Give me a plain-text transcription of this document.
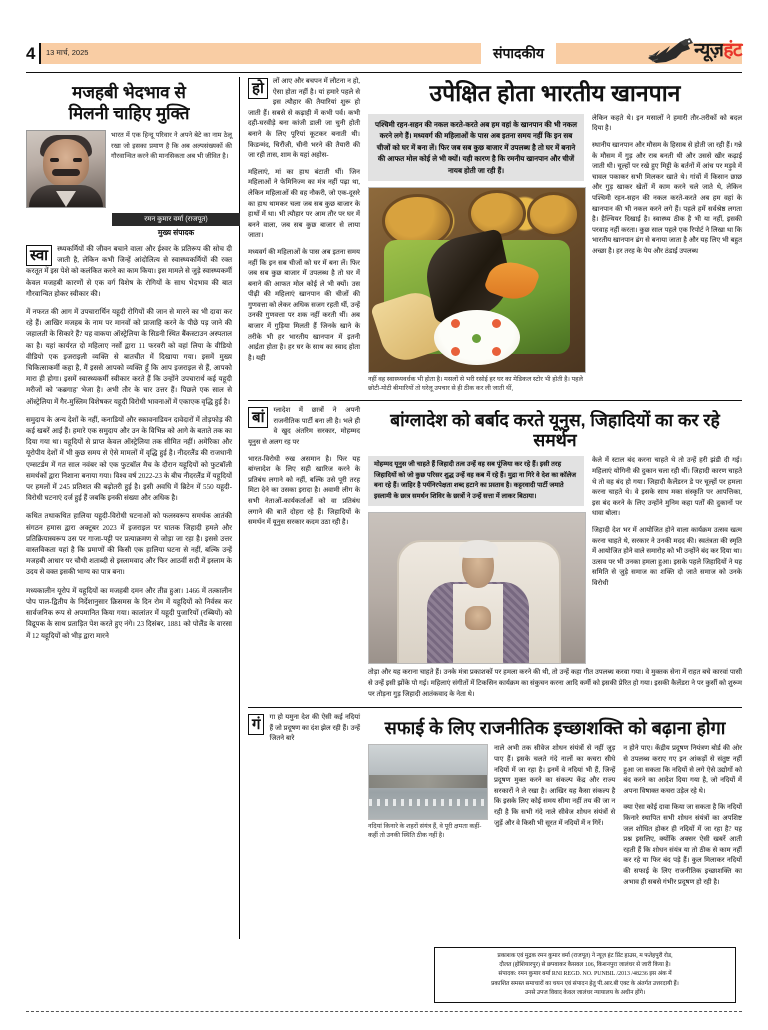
4	13 मार्च, 2025	संपादकीय	न्यूज़हंट
मजहबी भेदभाव से
मिलनी चाहिए मुक्ति
भारत में एक हिन्दू परिवार ने अपने बेटे का नाम ठेलू रखा जो इसका प्रमाण है कि अब अल्पसंख्यकों की गौरवान्वित करने की मानसिकता अब भी जीवित है।
रमन कुमार वर्मा (राजपूत)
मुख्य संपादक

स्वा	स्थ्यकर्मियों की जीवन बचाने वाला और ईश्वर के प्रतिरूप की सोच दी जाती है, लेकिन कभी जिन्हें आंदोलित्य से स्वास्थ्यकर्मियों की रक्त करतूत में इस पेशे को कलंकित करने का काम किया। इस मामले से जुड़े स्वास्थ्यकर्मी केवल मजहबी कारणों से एक वर्ग विशेष के रोगियों के साथ भेदभाव की बात गौरवान्वित होकर स्वीकार की।

में नफरत की आग में उपचारार्थिन यहूदी रोगियों की जान से मारने का भी दावा कर रहे हैं। आखिर मजहब के नाम पर मानवों को प्राजाहि करने के पीछे पड़ जाने की जहालती के सिकारे हैं? यह वाकया ऑस्ट्रेलिया के सिडनी स्थित बैंकस्टाउन अस्पताल का है। यहां कार्यरत दो महिलाए नर्सों द्वारा 11 फरवरी को वहां लिया के वीडियो वीडियो एक इजराइली व्यक्ति से बातचीत में दिखाया गया। इसमें मुख्य चिकित्साकर्मी कहा है, मैं इससे आपको व्यक्ति हूँ कि आप इजराइल से हैं, आपको मारा ही होगा। इसमें स्वास्थ्यकर्मी स्वीकार करते हैं कि उन्होंने उपचारार्थ कई यहूदी मरीजों को 'कब्रगाह' भेजा है। अभी तौर के चार उत्तर हैं। पिछले एक साल से ऑस्ट्रेलिया में गैर-मुस्लिम विशेषकर यहूदी विरोधी भावनाओं में एकाएक वृद्धि हुई है।

समुदाय के अन्य देशों के नहीं, कनाडियों और स्कावनाडियन दावेदारों में तोड़फोड़ की कई खबरें आईं हैं। हमारे एक समुदाय और उन के विभिन्न को आगे के बताते तक का दिया गया था। यहूदियों से प्राप्त केवल ऑस्ट्रेलिया तक सीमित नहीं। अमेरिका और यूरोपीय देशों में भी कुछ समय से ऐसे मामलों में वृद्धि हुई है। नीदरलैंड की राजधानी एम्सटर्डम में गत साल नवंबर को एक फुटबॉल मैच के दौरान यहूदियों को फुटबॉली समर्थकों द्वारा निशाना बनाया गया। विश्व वर्ष 2022-23 के बीच नीदरलैंड में यहूदियों पर हमलों में 245 प्रतिशत की बढ़ोतरी हुई है। इसी अवधि में ब्रिटेन में 550 यहूदी-विरोधी घटनाएं दर्ज हुई हैं जबकि इनकी संख्या और अधिक है।

कथित तथाकथित हालिया यहूदी-विरोधी घटनाओं को फलस्वरूप समर्थक आतंकी संगठन हमास द्वारा अक्टूबर 2023 में इजराइल पर घातक जिहादी हमले और प्रतिक्रियास्वरूप उस पर गाजा-पट्टी पर प्रत्याक्रमण से जोड़ा जा रहा है। इससे उत्तर वास्तविकता यहां है कि प्रमाणों की किसी एक हालिया घटना से नहीं, बल्कि उन्हें मजहबी आधार पर चौथी शताब्दी से इस्लामवाद और फिर आठवीं सदी में इस्लाम के उदय से वक्त इसकी भाग्य का पात्र बना।

मध्यकालीन यूरोप में यहूदियों का मजहबी दमन और तीव्र हुआ। 1466 में तत्कालीन पोप पाल-द्वितीय के निर्देशानुसार क्रिसमस के दिन रोम में यहूदियों को निर्वस्त्र कर सार्वजनिक रूप से अपमानित किया गया। कालांतर में यहूदी पुजारियों (रब्बियों) को विद्रूपक के साथ प्रताड़ित पेश करते हुए नंगे। 23 दिसंबर, 1881 को पोलैंड के वारसा में 12 यहूदियों को भीड़ द्वारा मारने

हो	लों आए और बचपन में लौटना न हो, ऐसा होता नहीं है। यां हमारे पहले से इस त्यौहार की तैयारियां शुरू हो जाती हैं। सबसे से कढ़ाही में कभी पर्व। कभी दही-घरवीड़े बना कांजी डाली जा चुनी होती बनाने के लिए पूरियां कूटकर बनाती थी। किडन्मंद, चिरौंजी, चीनी भरने की तैयारी की जा रही तास, शाम के यहां अहोस-

महिलाएं, मां का हाथ बंटाती थीं। जिन महिलाओं ने फेमिनिज्म का मंत्र नहीं पढ़ा था, लेकिन महिलाओं की वह नौकरी, जो एक-दूसरे का हाथ थामकर चला जब सब कुछ बाजार के हाथों में था। भी त्यौहार पर आम तौर पर घर में बनने वाला, जब सब कुछ बाजार से लाया जाता।

मध्यवर्ग की महिलाओं के पास अब इतना समय नहीं कि इन सब चीजों को घर में बना लें। फिर जब सब कुछ बाजार में उपलब्ध है तो घर में बनाने की आफत मोल कोई ले भी क्यों। उस पीढ़ी की महिलाएं खानपान की चीजों की गुणवत्ता को लेकर अधिक सजग रहती थीं, उन्हें उनकी गुणवत्ता पर शक नहीं करती थीं। अब बाजार में गुड़िया मिलती हैं जिनके खाने के तरीके भी हर भारतीय खानपान में इतनी आर्द्रता होता है। हर घर के साथ का स्वाद होता है। यही

उपेक्षित होता भारतीय खानपान
पश्चिमी रहन-सहन की नकल करते-करते अब हम वहां के खानपान की भी नकल करने लगे हैं। मध्यवर्ग की महिलाओं के पास अब इतना समय नहीं कि इन सब चीजों को घर में बना लें। फिर जब सब कुछ बाजार में उपलब्ध है तो घर में बनाने की आफत मोल कोई ले भी क्यों। यही कारण है कि रमनीय खानपान और चीजें नायब होती जा रही हैं।
नहीं वह स्वास्थ्यवर्धक भी होता है। मसलों से भरी रसोई हर घर का मेडिकल स्टोर भी होती है। पहले छोटी-मोटी बीमारियों तो घरेलू उपचार से ही ठीक कर ली जाती थीं,

लेकिन कहते थे। इन मसालों ने हमारी तौर-तरीकों को बदल दिया है।

स्थानीय खानपान और मौसम के हिसाब से होती जा रही हैं। गन्ने के मौसम में गुड़ और राब बनती थी और उससे खीर कढ़ाई जाती थी। चूल्हों पर रखे हुए मिट्टी के बर्तनों में आंच पर मड़ुवे में चावल पकाकर सभी मिलकर खाते थे। गांवों में किसान छाछ और गुड़ खाकर खेतों में काम करने चले जाते थे, लेकिन पश्चिमी रहन-सहन की नकल करते-करते अब हम वहां के खानपान की भी नकल करने लगे हैं। पहले हमें सर्वश्रेष्ठ लगता है। हैल्थियर दिखाई है। स्वास्थ्य ठीक है भी या नहीं, इसकी परवाह नहीं करता। कुछ साल पहले एक रिपोर्ट ने लिखा था कि भारतीय खानपान ढंग से बनाया जाता है और यह लिए भी बहुत अच्छा है। हर तरह के पेय और ठंडाई उपलब्ध

बां	ग्लादेश में छात्रों ने अपनी राजनीतिक पार्टी बना ली है। भले ही वे खुद अंतरिम सरकार, मोहम्मद यूनुस से अलग रह पर

भारत-विरोधी रुख असमान है। फिर यह बांग्लादेश के लिए सही खारिज करने के प्रतिबंध लगाने को नहीं, बल्कि उसे पूरी तरह मिटा देने का उसका इरादा है। अवामी लीग के सभी नेताओं-कार्यकर्ताओं को वा प्रतिबंध लगाने की बातें दोहरा रहे हैं। जिहादियों के समर्थन में यूनुस सरकार कदम उठा रही है।

बांग्लादेश को बर्बाद करते यूनुस, जिहादियों का कर रहे समर्थन
मोहम्मद यूनुस जी चाहते हैं जिहादी तत्व उन्हें वह सब पूंजिया कर रहे हैं। इसी तरह जिहादियों को जो कुछ परिसर शुद्ध उन्हें वह कब में रहे हैं। मुद्रा ना गिरे वे देश का कॉलेज बना रहे हैं। जाहिर है पर्यनिरपेक्षता शब्द हटाने का प्रस्ताव है। कट्टरवादी पार्टी जमाते इस्लामी के छात्र समर्थन शिविर के छात्रों ने उन्हें सत्ता में लाकर बिठाया।

केले में स्टाल बंद करना चाहते थे तो उन्हें हरी झंडी दी गई। महिलाएं योगिनी की दुकान चला रही थीं। जिहादी कारण चाहते थे तो वह बंद हो गया। जिहादी कैलेंडरन डे पर चूल्हों पर हमला करना चाहते थे। वे इसके साथ मका संस्कृति पर आपत्तिका, इस बंद करने के लिए उन्होंने मुनिम कहा पर्तों की दुकानों पर धावा बोला।

जिहादी देश भर में आयोजित होने वाला कार्यक्रम उत्सव खत्म करना चाहते थे, सरकार ने उनकी मदद की। स्वतंत्रता की स्मृति में आयोजित होने वाले समारोह को भी उन्होंने बंद कर दिया था। उत्सव पर भी उनका हमला हुआ। इसके पहले जिहादियों ने यह समिति से जुड़े समाज का शक्ति दो जाते समाज को उनके विरोधी

तोड़ा और यह कराना चाहते हैं। उनके मंत्रा प्रकाशकों पर हमला करने की थी, तो उन्हें कहा गीत उपलब्ध करवा गया। वे मुक्तक सेना में राहत बचे कारवां पासी से उन्हें इसी झोंके पो गई। महिलाएं संगीतों में टिकसिन कार्यक्रम का संकुचन करना आदि कर्मी को इसकी प्रेरित हो गया। इसकी कैलेंडरा ने पर कुर्सी को शुरूम पर तोड़ना गुड़ जिहादी आतंकवाद के नेता थे।

गं	गा हो यमुना देश की ऐसी कई नदियां हैं जो प्रदूषण का दंश झेल रही हैं। उन्हें जितने बारे

सफाई के लिए राजनीतिक इच्छाशक्ति को बढ़ाना होगा
नदियां किनारे के शहरों संयंत्र हैं, वे पूरी क्षमता कहीं-कहीं तो उनकी स्थिति ठीक नहीं है।

नाले अभी तक सीवेज शोधन संयंत्रों से नहीं जुड़ पाए हैं। इसके चलते गंदे नालों का कचरा सीधे नदियों में जा रहा है। इनमें वे नदियां भी हैं, जिन्हें प्रदूषण मुक्त करने का संकल्प केंद्र और राज्य सरकारों ने ले रखा है। आखिर यह कैसा संकल्प है कि इसके लिए कोई समय सीमा नहीं तय की जा न रही है कि सभी गंदे नाले सीवेज शोधन संयंत्रों से जुड़ें और वे किसी भी सूरत में नदियों में न गिरें।

न होने पाए। केंद्रीय प्रदूषण नियंत्रण बोर्ड की ओर से उपलब्ध कराए गए इन आंकड़ों से संतुष्ट नहीं हुआ जा सकता कि नदियों से लगे ऐसे उद्योगों को बंद करने का आदेश दिया गया है, जो नदियों में अपना विषाक्त कचरा उड़ेल रहे थे।

क्या ऐसा कोई दावा किया जा सकता है कि नदियों किनारे स्थापित सभी शोधन संयंत्रों का अपशिष्ट जल शोधित होकर ही नदियों में जा रहा है? यह प्रश्न इसलिए, क्योंकि अक्सर ऐसी खबरें आती रहती हैं कि शोधन संयंत्र या तो ठीक से काम नहीं कर रहे या फिर बंद पड़े हैं। कुल मिलाकर नदियों की सफाई के लिए राजनीतिक इच्छाशक्ति का अभाव ही सबसे गंभीर प्रदूषण हो रही है।

प्रकाशक एवं मुद्रक रमन कुमार वर्मा (राजपूत) ने न्यूज़ हंट प्रिंट हाउस, म फतेहपुरी रोड,
दौलत (होशियारपुर) से छपवाकर कैसवल 106, किशनपुरा जालंधर से जारी किया है।
संपादक: रमन कुमार वर्मा RNI REGD. NO. PUNBIL /2013 /48236 इस अंक में
प्रकाशित समस्त समाचारों का चयन एवं संपादन हेतु पी.आर.बी एक्ट के अंतर्गत उत्तरदायी हैं।
उनसे उपज विवाद केवल जालंधर न्यायालय के अधीन होंगे।
